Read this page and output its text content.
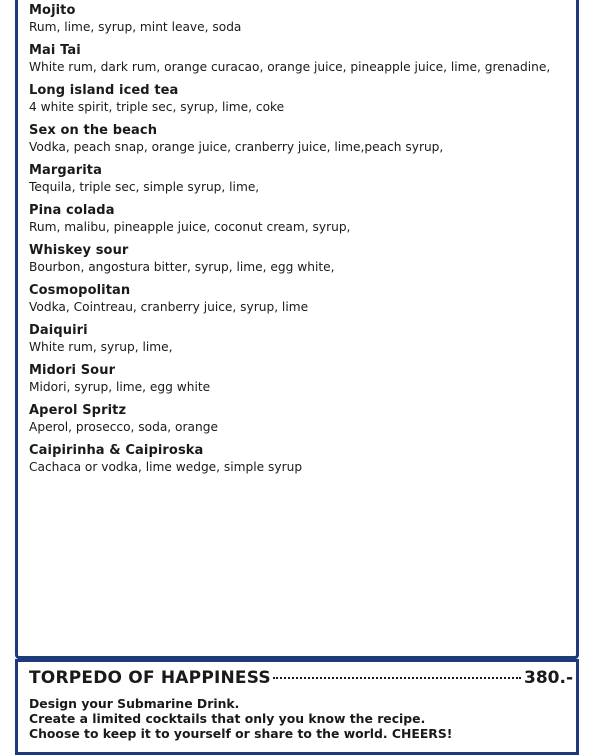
Mojito
Rum, lime, syrup, mint leave, soda
Mai Tai
White rum, dark rum, orange curacao, orange juice, pineapple juice, lime, grenadine,
Long island iced tea
4 white spirit, triple sec, syrup, lime, coke
Sex on the beach
Vodka, peach snap, orange juice, cranberry juice, lime,peach syrup,
Margarita
Tequila, triple sec, simple syrup, lime,
Pina colada
Rum, malibu, pineapple juice, coconut cream, syrup,
Whiskey sour
Bourbon, angostura bitter, syrup, lime, egg white,
Cosmopolitan
Vodka, Cointreau, cranberry juice, syrup, lime
Daiquiri
White rum, syrup, lime,
Midori Sour
Midori, syrup, lime, egg white
Aperol Spritz
Aperol, prosecco, soda, orange
Caipirinha & Caipiroska
Cachaca or vodka, lime wedge, simple syrup
TORPEDO OF HAPPINESS	380.-
Design your Submarine Drink.
Create a limited cocktails that only you know the recipe.
Choose to keep it to yourself or share to the world. CHEERS!
